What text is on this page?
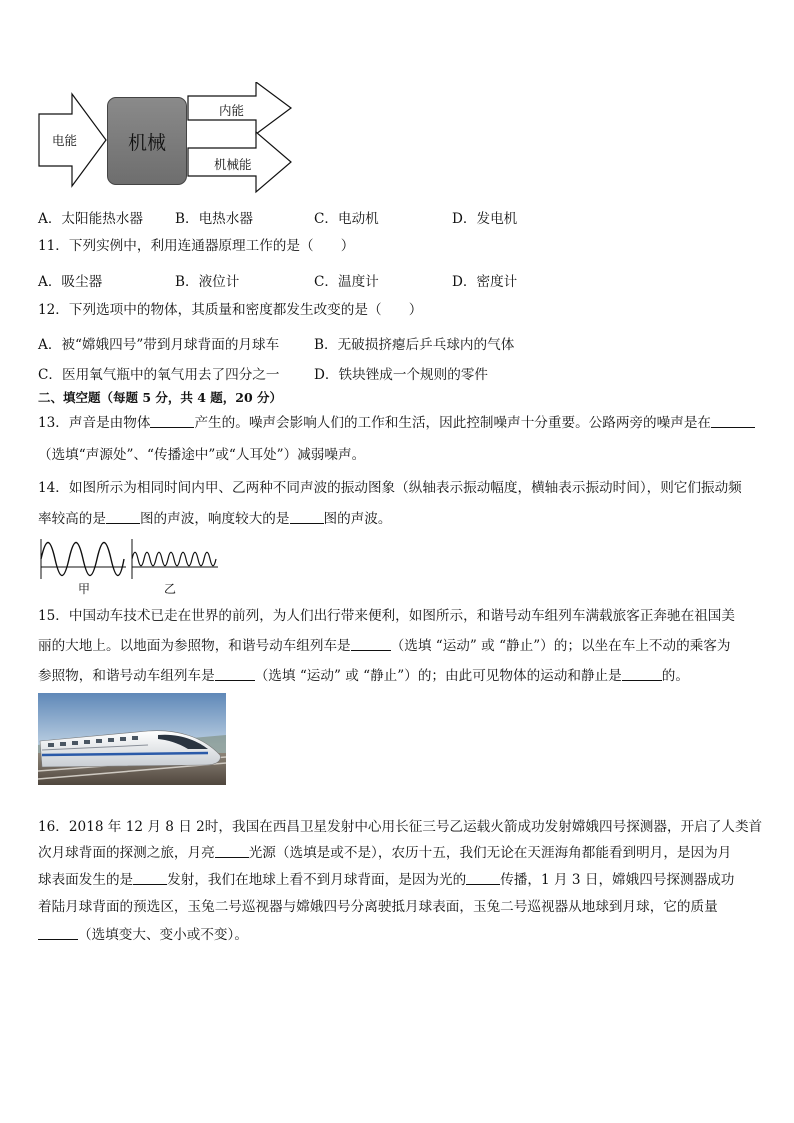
机械
电能
内能
机械能
A．太阳能热水器 B．电热水器	C．电动机	D．发电机
11．下列实例中，利用连通器原理工作的是（　　）
A．吸尘器	B．液位计	C．温度计	D．密度计
12．下列选项中的物体，其质量和密度都发生改变的是（　　）
A．被“嫦娥四号”带到月球背面的月球车	B．无破损挤瘪后乒乓球内的气体
C．医用氧气瓶中的氧气用去了四分之一	D．铁块锉成一个规则的零件
二、填空题（每题 5 分，共 4 题，20 分）
13．声音是由物体	产生的。噪声会影响人们的工作和生活，因此控制噪声十分重要。公路两旁的噪声是在
（选填“声源处”、“传播途中”或“人耳处”）减弱噪声。
14．如图所示为相同时间内甲、乙两种不同声波的振动图象（纵轴表示振动幅度，横轴表示振动时间），则它们振动频
率较高的是	图的声波，响度较大的是	图的声波。
甲	乙
15．中国动车技术已走在世界的前列，为人们出行带来便利，如图所示，和谐号动车组列车满载旅客正奔驰在祖国美
丽的大地上。以地面为参照物，和谐号动车组列车是	（选填 “运动” 或 “静止”）的；以坐在车上不动的乘客为
参照物，和谐号动车组列车是	（选填 “运动” 或 “静止”）的；由此可见物体的运动和静止是	的。
16．2018 年 12 月 8 日 2时，我国在西昌卫星发射中心用长征三号乙运载火箭成功发射嫦娥四号探测器，开启了人类首
次月球背面的探测之旅，月亮	光源（选填是或不是），农历十五，我们无论在天涯海角都能看到明月，是因为月
球表面发生的是	发射，我们在地球上看不到月球背面，是因为光的	传播，1 月 3 日，嫦娥四号探测器成功
着陆月球背面的预选区，玉兔二号巡视器与嫦娥四号分离驶抵月球表面，玉兔二号巡视器从地球到月球，它的质量
（选填变大、变小或不变）。
